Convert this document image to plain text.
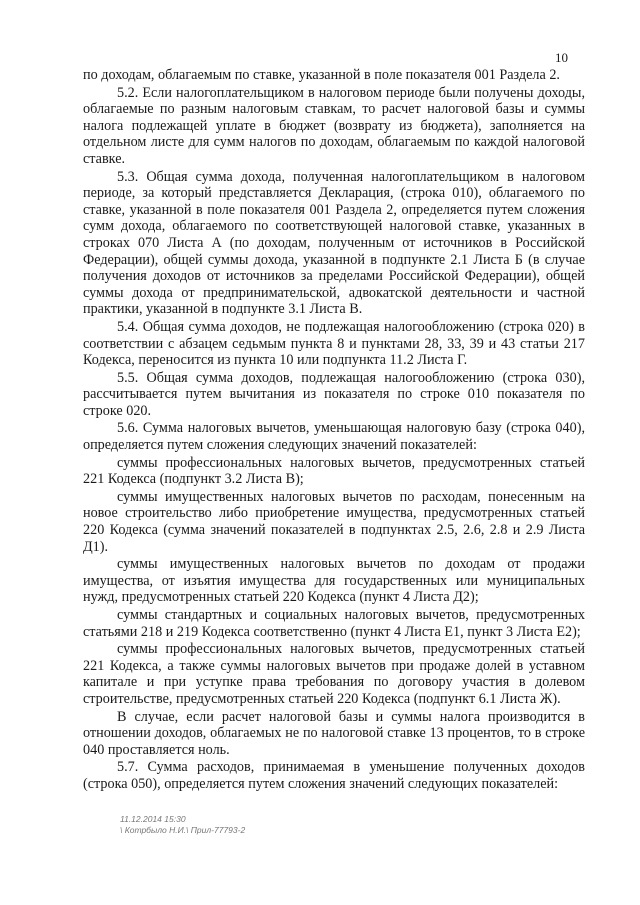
10

по доходам, облагаемым по ставке, указанной в поле показателя 001 Раздела 2.

5.2. Если налогоплательщиком в налоговом периоде были получены доходы, облагаемые по разным налоговым ставкам, то расчет налоговой базы и суммы налога подлежащей уплате в бюджет (возврату из бюджета), заполняется на отдельном листе для сумм налогов по доходам, облагаемым по каждой налоговой ставке.

5.3. Общая сумма дохода, полученная налогоплательщиком в налоговом периоде, за который представляется Декларация, (строка 010), облагаемого по ставке, указанной в поле показателя 001 Раздела 2, определяется путем сложения сумм дохода, облагаемого по соответствующей налоговой ставке, указанных в строках 070 Листа А (по доходам, полученным от источников в Российской Федерации), общей суммы дохода, указанной в подпункте 2.1 Листа Б (в случае получения доходов от источников за пределами Российской Федерации), общей суммы дохода от предпринимательской, адвокатской деятельности и частной практики, указанной в подпункте 3.1 Листа В.

5.4. Общая сумма доходов, не подлежащая налогообложению (строка 020) в соответствии с абзацем седьмым пункта 8 и пунктами 28, 33, 39 и 43 статьи 217 Кодекса, переносится из пункта 10 или подпункта 11.2 Листа Г.

5.5. Общая сумма доходов, подлежащая налогообложению (строка 030), рассчитывается путем вычитания из показателя по строке 010 показателя по строке 020.

5.6. Сумма налоговых вычетов, уменьшающая налоговую базу (строка 040), определяется путем сложения следующих значений показателей:

суммы профессиональных налоговых вычетов, предусмотренных статьей 221 Кодекса (подпункт 3.2 Листа В);

суммы имущественных налоговых вычетов по расходам, понесенным на новое строительство либо приобретение имущества, предусмотренных статьей 220 Кодекса (сумма значений показателей в подпунктах 2.5, 2.6, 2.8 и 2.9 Листа Д1).

суммы имущественных налоговых вычетов по доходам от продажи имущества, от изъятия имущества для государственных или муниципальных нужд, предусмотренных статьей 220 Кодекса (пункт 4 Листа Д2);

суммы стандартных и социальных налоговых вычетов, предусмотренных статьями 218 и 219 Кодекса соответственно (пункт 4 Листа Е1, пункт 3 Листа Е2);

суммы профессиональных налоговых вычетов, предусмотренных статьей 221 Кодекса, а также суммы налоговых вычетов при продаже долей в уставном капитале и при уступке права требования по договору участия в долевом строительстве, предусмотренных статьей 220 Кодекса (подпункт 6.1 Листа Ж).

В случае, если расчет налоговой базы и суммы налога производится в отношении доходов, облагаемых не по налоговой ставке 13 процентов, то в строке 040 проставляется ноль.

5.7. Сумма расходов, принимаемая в уменьшение полученных доходов (строка 050), определяется путем сложения значений следующих показателей:

11.12.2014 15:30
\ Котрбыло Н.И.\ Прил-77793-2
